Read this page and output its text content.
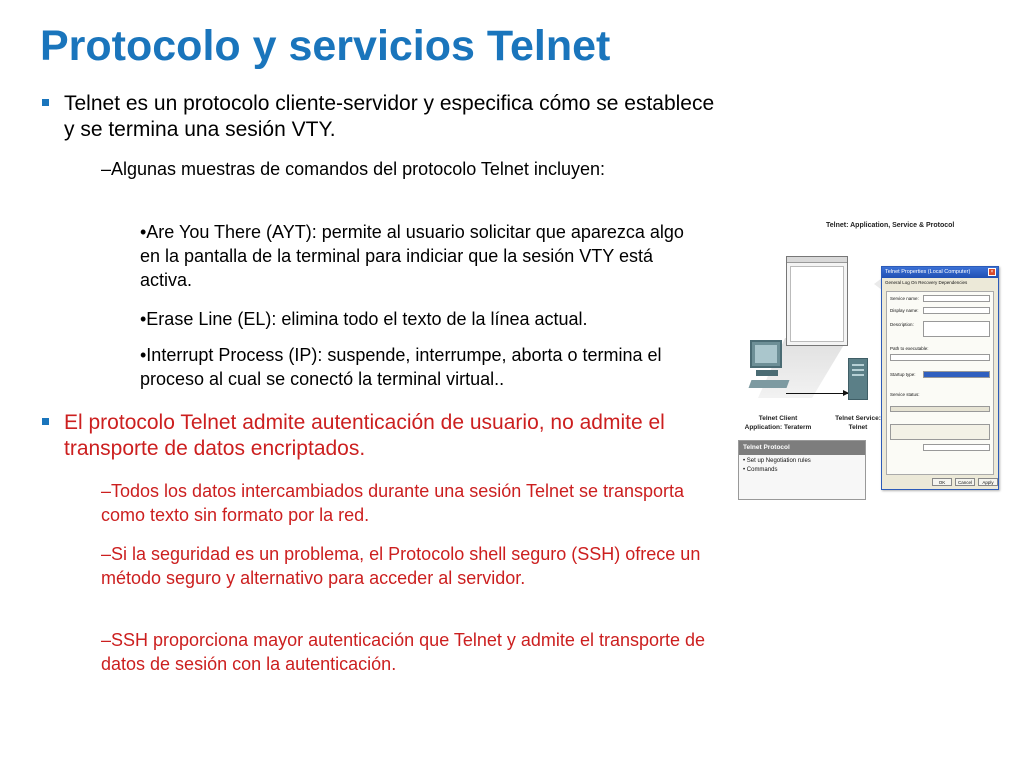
Protocolo y servicios Telnet
Telnet es un protocolo cliente-servidor y especifica cómo se establece y se termina una sesión VTY.
–Algunas muestras de comandos del protocolo Telnet incluyen:
•Are You There (AYT): permite al usuario solicitar que aparezca algo en la pantalla de la terminal para indiciar que la sesión VTY está activa.
•Erase Line (EL): elimina todo el texto de la línea actual.
•Interrupt Process (IP): suspende, interrumpe, aborta o termina el proceso al cual se conectó la terminal virtual..
El protocolo Telnet admite autenticación de usuario, no admite el transporte de datos encriptados.
–Todos los datos intercambiados durante una sesión Telnet se transporta como texto sin formato por la red.
–Si la seguridad es un problema, el Protocolo shell seguro (SSH) ofrece un método seguro y alternativo para acceder al servidor.
–SSH proporciona mayor autenticación que Telnet y admite el transporte de datos de sesión con la autenticación.
Telnet: Application, Service & Protocol
Telnet Client
Application: Teraterm
Telnet Service:
Telnet
Telnet Protocol
• Set up Negotiation rules
• Commands
Telnet Properties (Local Computer)	×
General Log On Recovery Dependencies
Service name:
Display name:
Description:
Path to executable:
Startup type:
Service status:
OK	Cancel	Apply
